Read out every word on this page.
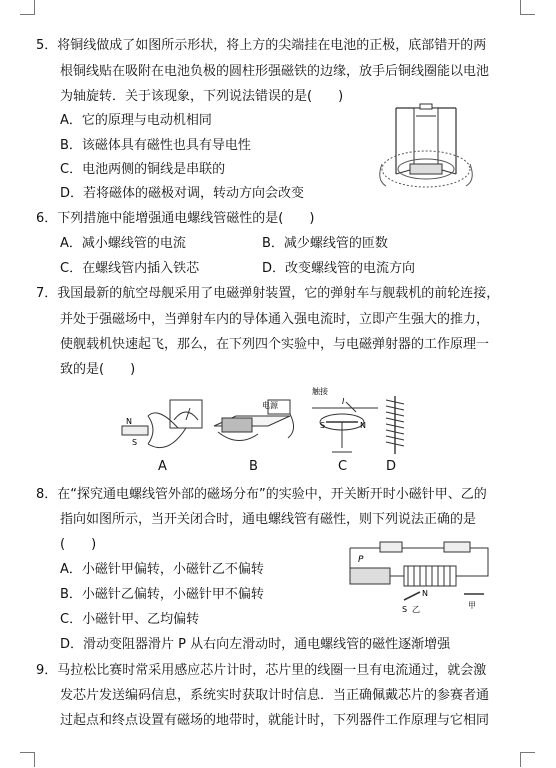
5．将铜线做成了如图所示形状，将上方的尖端挂在电池的正极，底部错开的两
根铜线贴在吸附在电池负极的圆柱形强磁铁的边缘，放手后铜线圈能以电池
为轴旋转．关于该现象，下列说法错误的是(　　)
A．它的原理与电动机相同
B．该磁体具有磁性也具有导电性
C．电池两侧的铜线是串联的
D．若将磁体的磁极对调，转动方向会改变
6．下列措施中能增强通电螺线管磁性的是(　　)
A．减小螺线管的电流	B．减少螺线管的匝数
C．在螺线管内插入铁芯	D．改变螺线管的电流方向
7．我国最新的航空母舰采用了电磁弹射装置，它的弹射车与舰载机的前轮连接，
并处于强磁场中，当弹射车内的导体通入强电流时，立即产生强大的推力，
使舰载机快速起飞，那么，在下列四个实验中，与电磁弹射器的工作原理一
致的是(　　)
N
S
A
电源
B
触接
I
S	N
C	D
8．在“探究通电螺线管外部的磁场分布”的实验中，开关断开时小磁针甲、乙的
指向如图所示，当开关闭合时，通电螺线管有磁性，则下列说法正确的是
(　　)
A．小磁针甲偏转，小磁针乙不偏转
B．小磁针乙偏转，小磁针甲不偏转
C．小磁针甲、乙均偏转
D．滑动变阻器滑片 P 从右向左滑动时，通电螺线管的磁性逐渐增强
P
S 乙
N
甲
9．马拉松比赛时常采用感应芯片计时，芯片里的线圈一旦有电流通过，就会激
发芯片发送编码信息，系统实时获取计时信息．当正确佩戴芯片的参赛者通
过起点和终点设置有磁场的地带时，就能计时，下列器件工作原理与它相同
